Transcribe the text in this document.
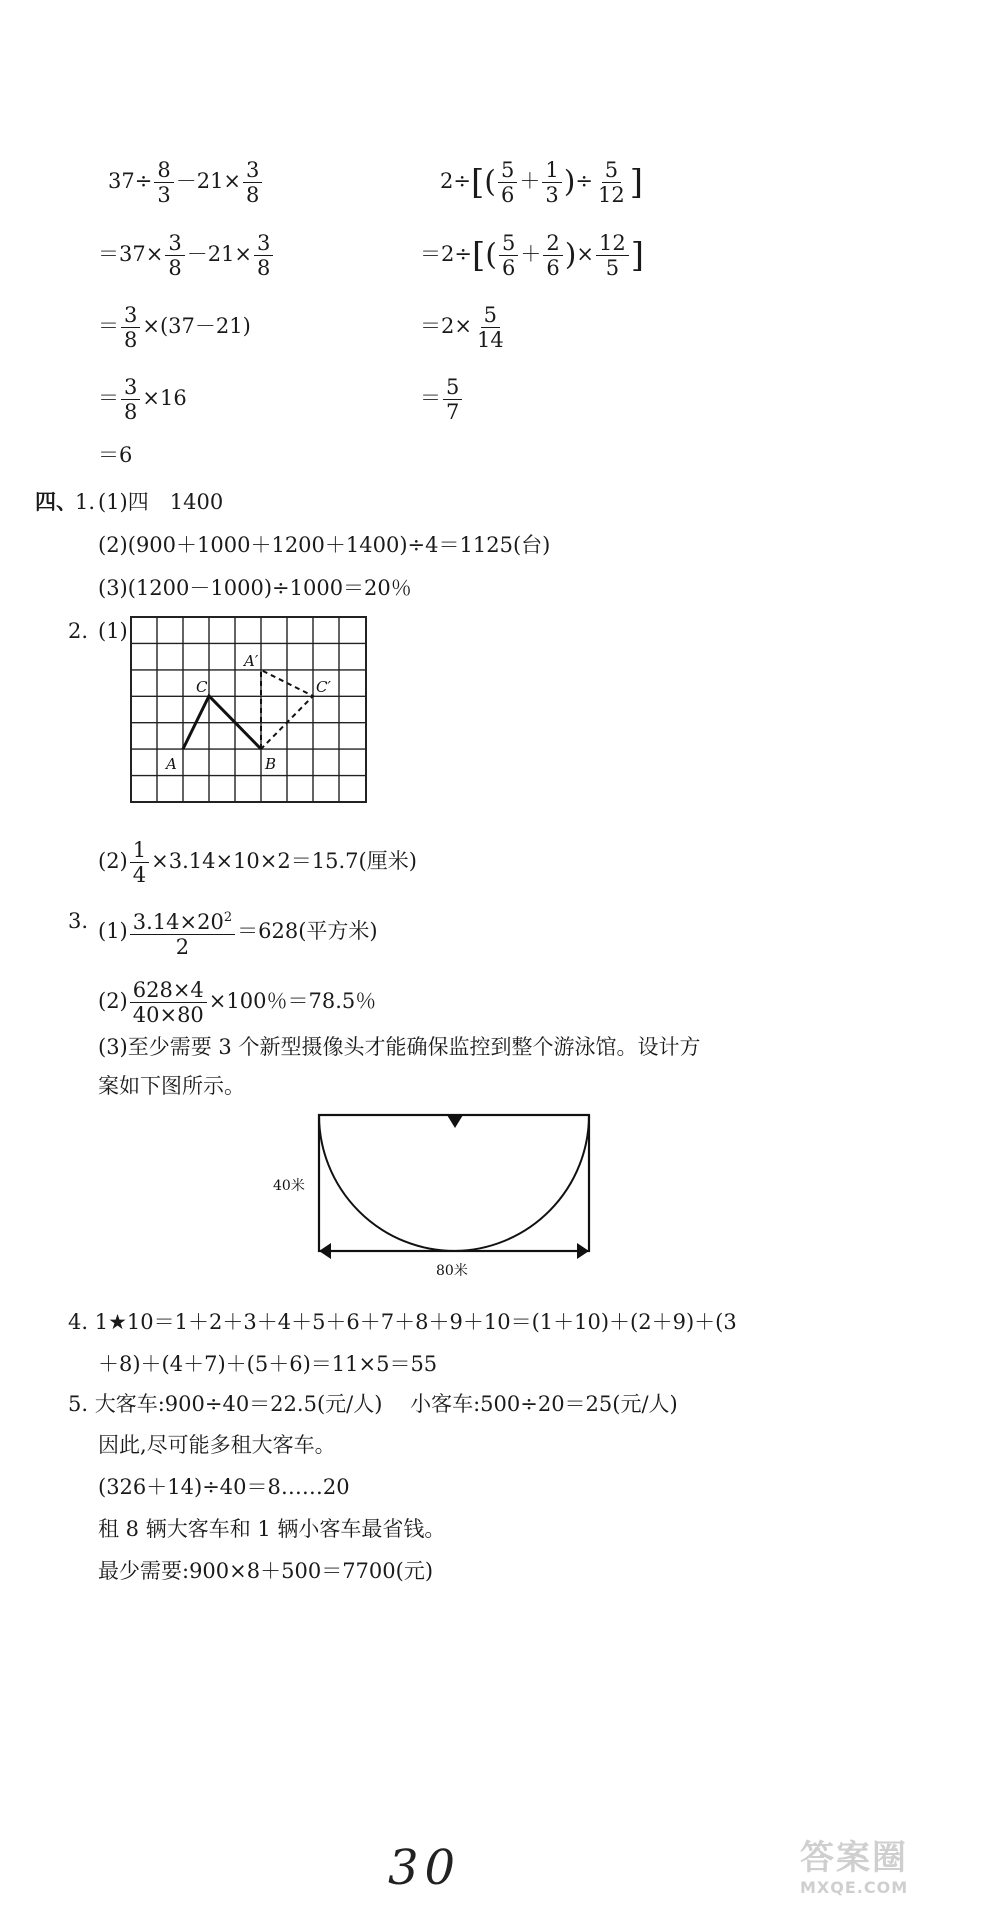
$37\div \frac{8}{3} -21\times \frac{3}{8}$
$=37\times \frac{3}{8} -21\times \frac{3}{8}$
＝ $\frac{3}{8} \times(37-21)$
＝ $\frac{3}{8} \times 16$
＝6
$2\div[( \frac{5}{6} + \frac{1}{3}$ )÷ $\frac{5}{12}$ ]
$=2\div[( \frac{5}{6} + \frac{2}{6}$ )× $\frac{12}{5}$ ]
$=2\times \frac{5}{14}$
＝ $\frac{5}{7}$
四、
1. (1)四　1400
(2)(900＋1000＋1200＋1400)÷4＝1125(台)
(3)(1200－1000)÷1000＝20％
2. (1)
A	B
C
A′
C′
$(2) \frac{1}{4} \times 3.14\times 10\times 2=15.7$(厘米)
3. $(1) \frac{3.14\times 20^2}{2} =628$(平方米)
$(2) \frac{628\times 4}{40\times 80} \times 100$％＝78.5％
(3)至少需要 3 个新型摄像头才能确保监控到整个游泳馆。设计方
案如下图所示。
40米
80米
4. 1★10＝1＋2＋3＋4＋5＋6＋7＋8＋9＋10＝(1＋10)＋(2＋9)＋(3
＋8)＋(4＋7)＋(5＋6)＝11×5＝55
5. 大客车:900÷40＝22.5(元/人)　 小客车:500÷20＝25(元/人)
因此,尽可能多租大客车。
(326＋14)÷40＝8……20
租 8 辆大客车和 1 辆小客车最省钱。
最少需要:900×8＋500＝7700(元)
30	答案圈
MXQE.COM
